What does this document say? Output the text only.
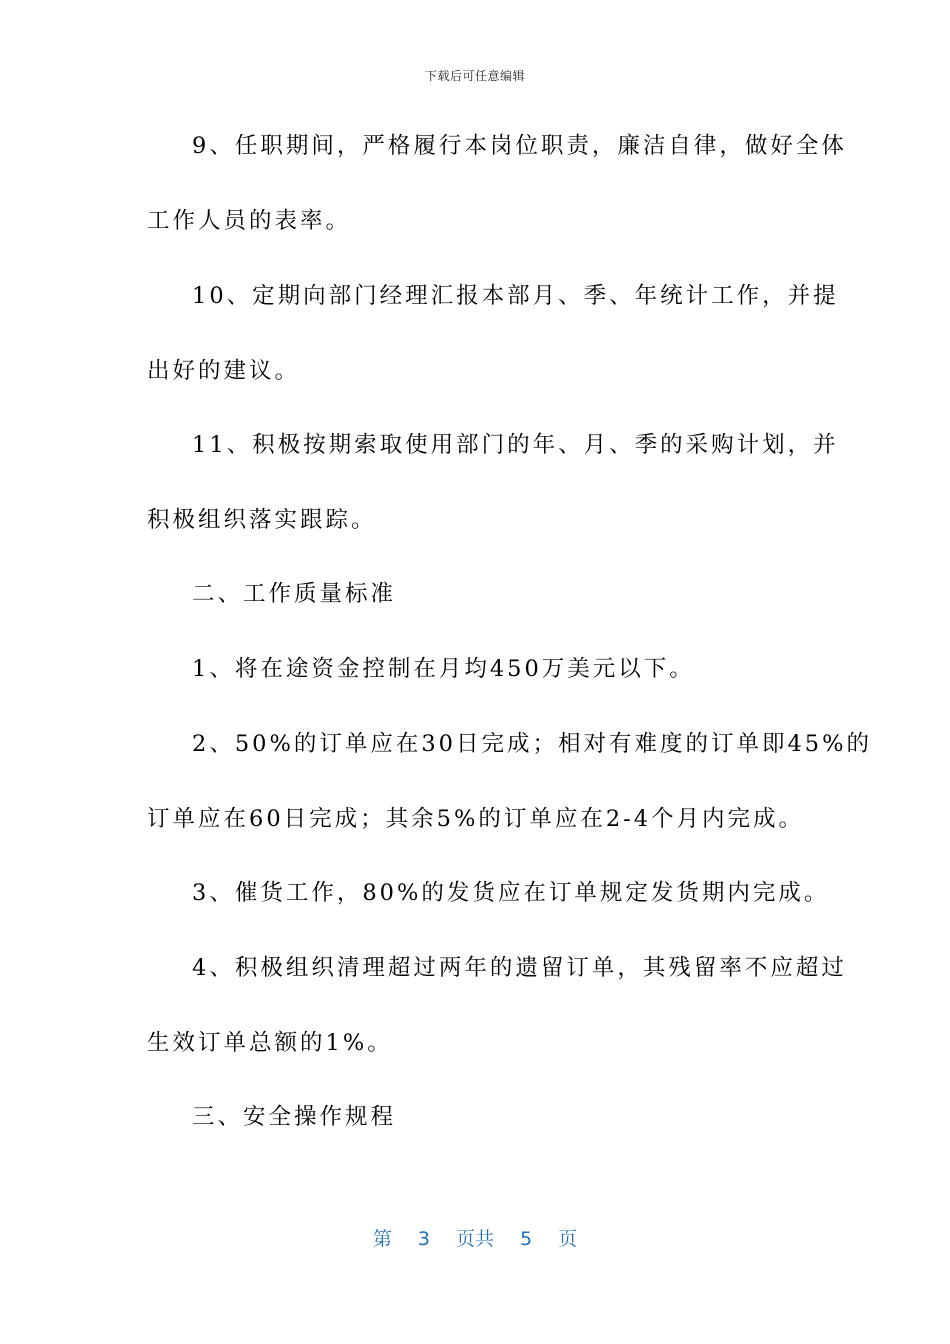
下载后可任意编辑
9、任职期间，严格履行本岗位职责，廉洁自律，做好全体
工作人员的表率。
10、定期向部门经理汇报本部月、季、年统计工作，并提
出好的建议。
11、积极按期索取使用部门的年、月、季的采购计划，并
积极组织落实跟踪。
二、工作质量标准
1、将在途资金控制在月均450万美元以下。
2、50%的订单应在30日完成；相对有难度的订单即45%的
订单应在60日完成；其余5%的订单应在2-4个月内完成。
3、催货工作，80%的发货应在订单规定发货期内完成。
4、积极组织清理超过两年的遗留订单，其残留率不应超过
生效订单总额的1%。
三、安全操作规程
第 3 页共 5 页
